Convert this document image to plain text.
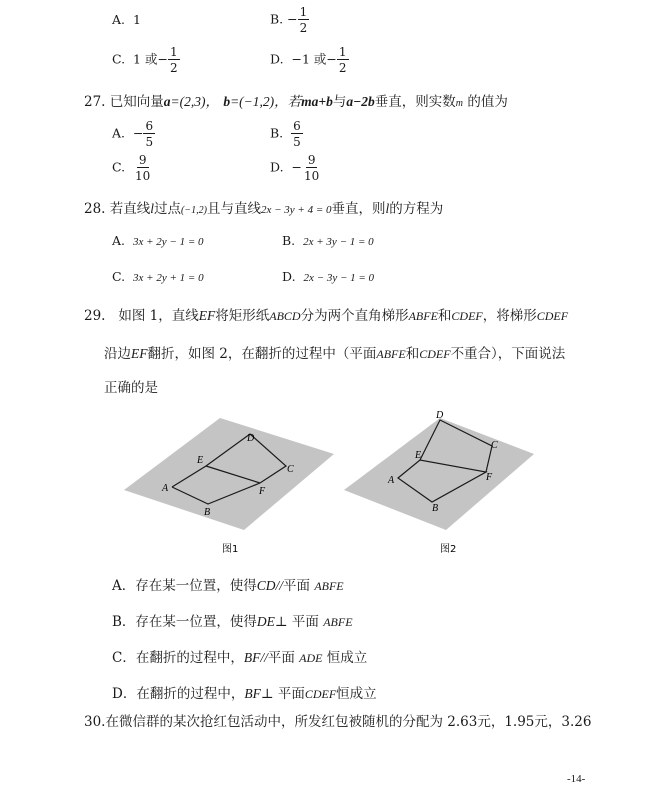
A. 1	B. − $\frac{1}{2}$
C. 1 或− $\frac{1}{2}$	D. −1 或− $\frac{1}{2}$
27. 已知向量a=(2,3)， b=(−1,2)，若ma+b与a−2b垂直，则实数m 的值为
A. − $\frac{6}{5}$	B. $\frac{6}{5}$
C. $\frac{9}{10}$	D. − $\frac{9}{10}$
28. 若直线l过点(−1,2)且与直线2x − 3y + 4 = 0垂直，则l的方程为
A. 3x + 2y − 1 = 0	B. 2x + 3y − 1 = 0
C. 3x + 2y + 1 = 0	D. 2x − 3y − 1 = 0
29. 如图 1，直线EF将矩形纸ABCD分为两个直角梯形ABFE和CDEF，将梯形CDEF
沿边EF翻折，如图 2，在翻折的过程中（平面ABFE和CDEF不重合），下面说法
正确的是
A
B
C
D
E
F
图1
A
B
C
D
E
F
图2
A．存在某一位置，使得CD//平面 ABFE
B．存在某一位置，使得DE⊥ 平面 ABFE
C．在翻折的过程中，BF//平面 ADE 恒成立
D．在翻折的过程中，BF⊥ 平面CDEF恒成立
30.在微信群的某次抢红包活动中，所发红包被随机的分配为 2.63元，1.95元，3.26
-14-
